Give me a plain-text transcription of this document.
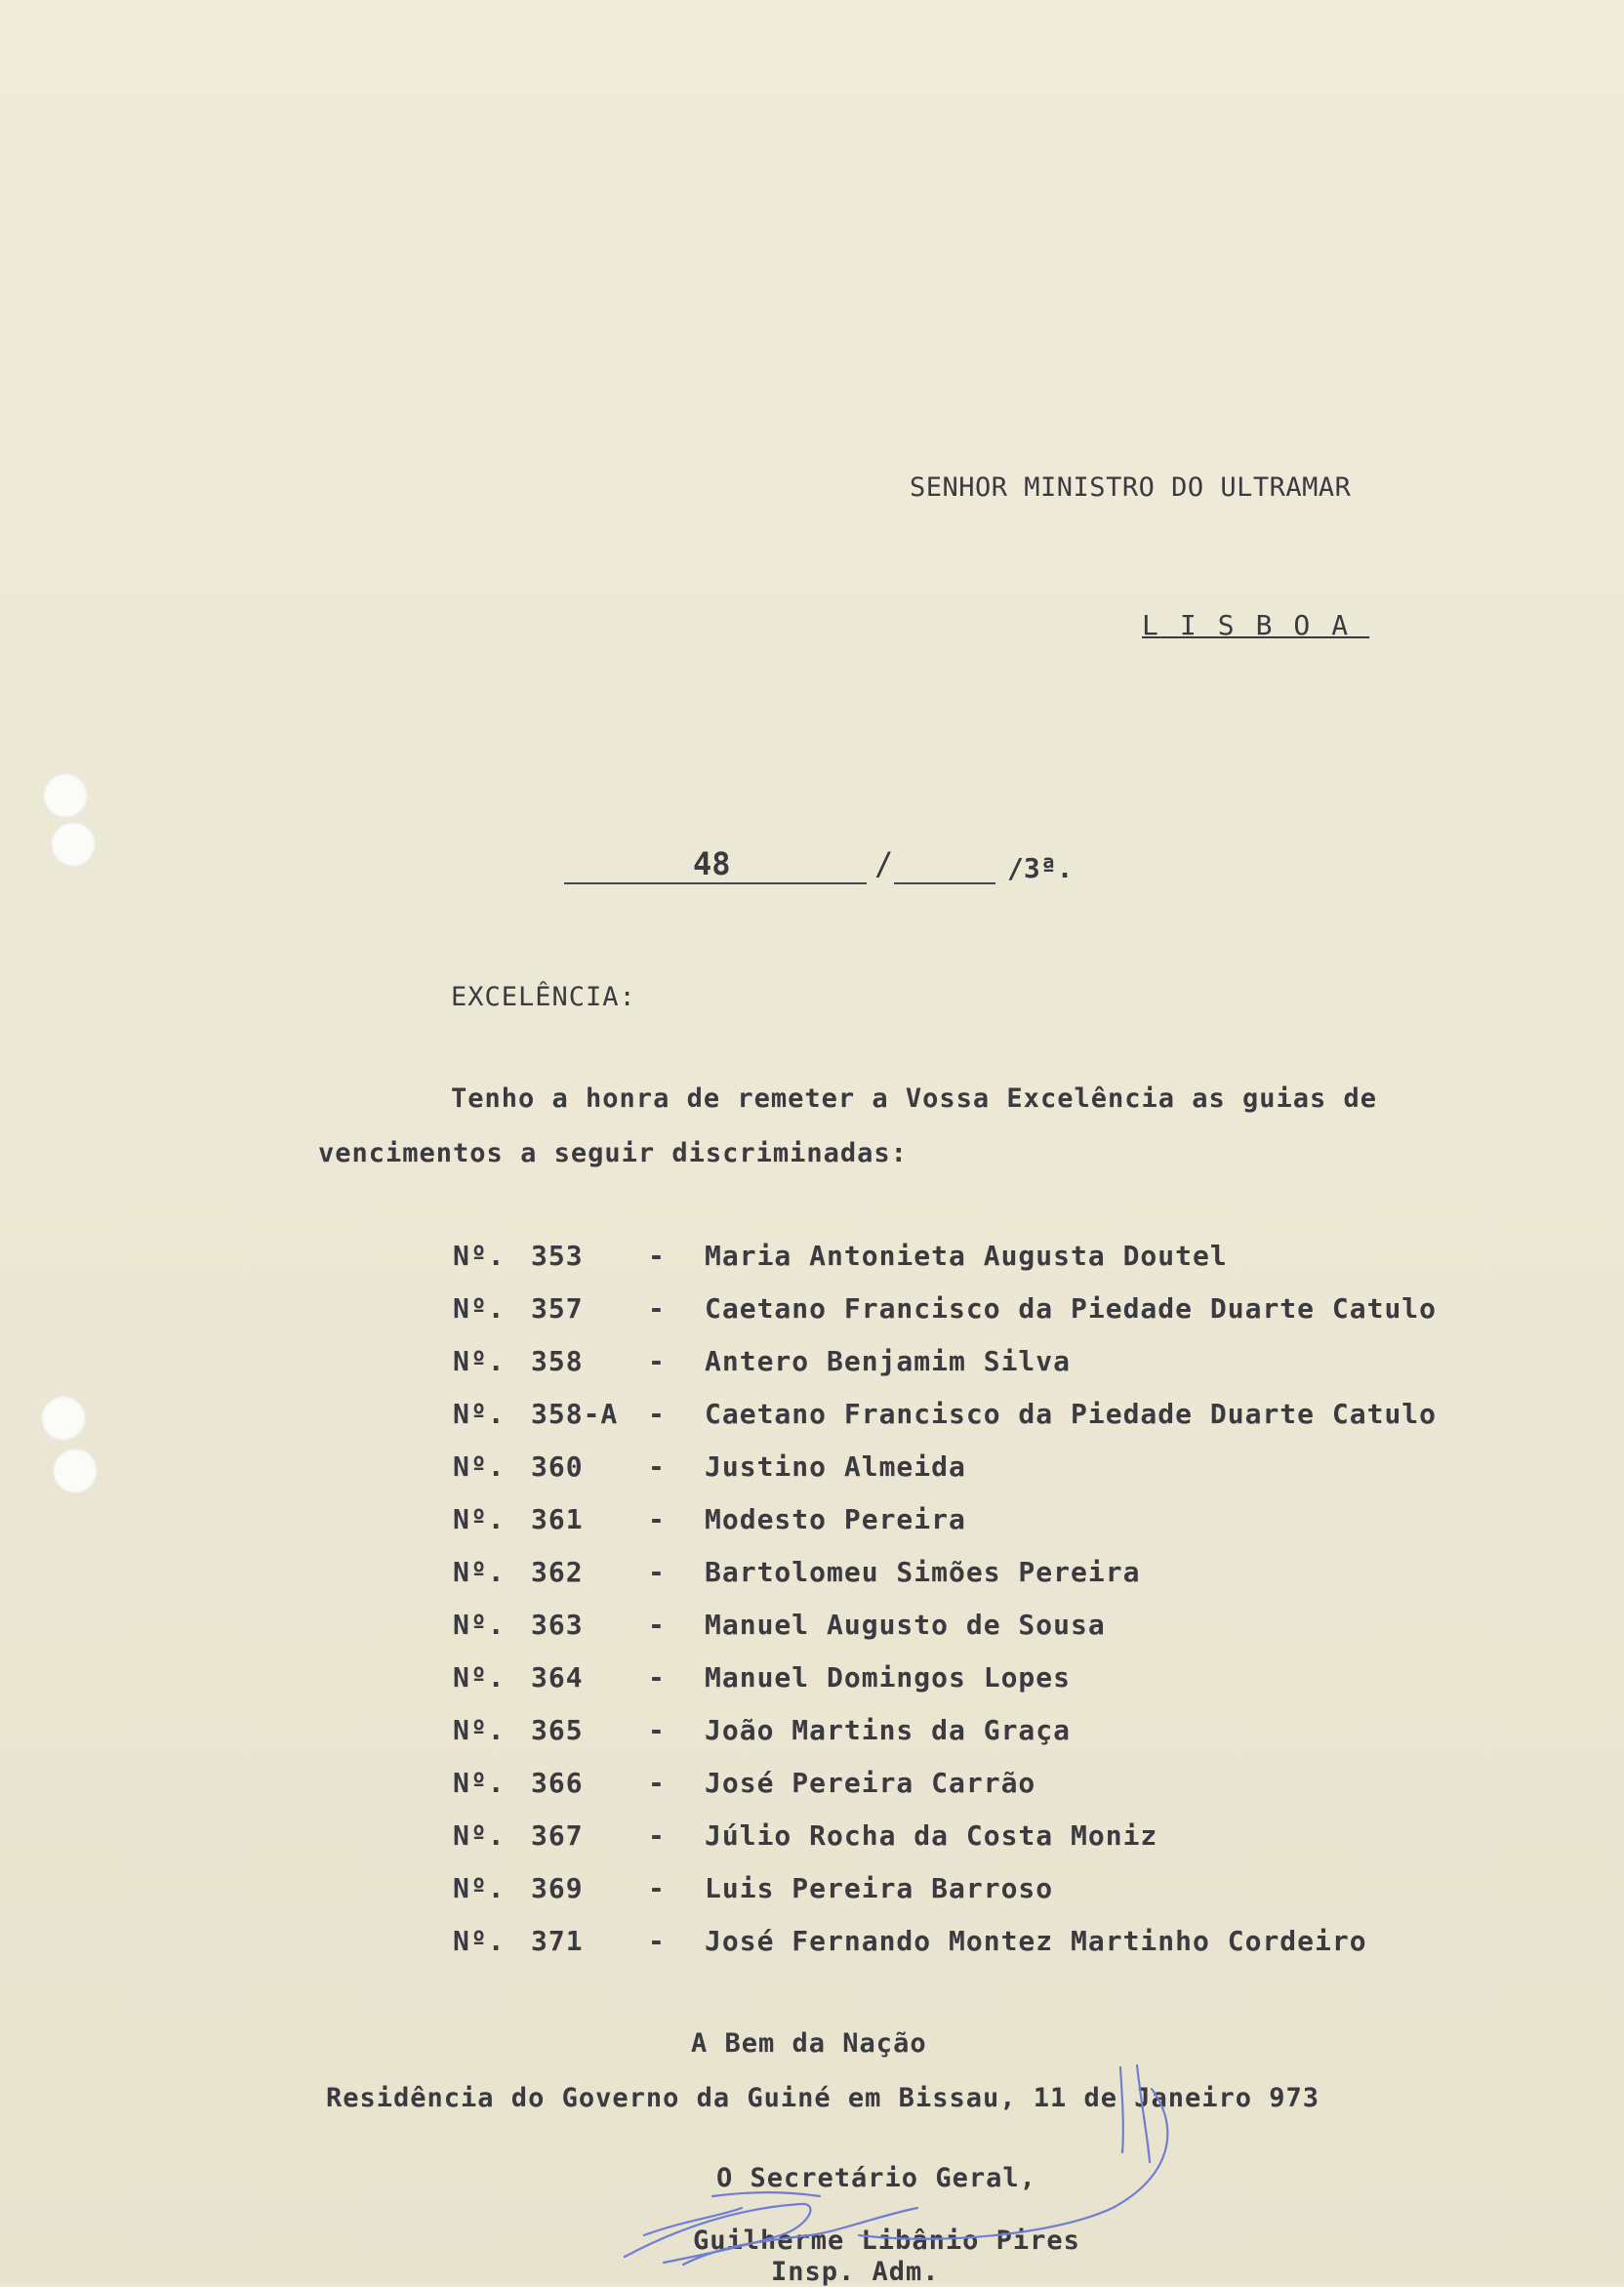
SENHOR MINISTRO DO ULTRAMAR
LISBOA
48	/	/3ª.
EXCELÊNCIA:
Tenho a honra de remeter a Vossa Excelência as guias de
vencimentos a seguir discriminadas:
Nº. 353 - Maria Antonieta Augusta Doutel
Nº. 357 - Caetano Francisco da Piedade Duarte Catulo
Nº. 358 - Antero Benjamim Silva
Nº. 358-A - Caetano Francisco da Piedade Duarte Catulo
Nº. 360 - Justino Almeida
Nº. 361 - Modesto Pereira
Nº. 362 - Bartolomeu Simões Pereira
Nº. 363 - Manuel Augusto de Sousa
Nº. 364 - Manuel Domingos Lopes
Nº. 365 - João Martins da Graça
Nº. 366 - José Pereira Carrão
Nº. 367 - Júlio Rocha da Costa Moniz
Nº. 369 - Luis Pereira Barroso
Nº. 371 - José Fernando Montez Martinho Cordeiro
A Bem da Nação
Residência do Governo da Guiné em Bissau, 11 de Janeiro 973
O Secretário Geral,
Guilherme Libânio Pires
Insp. Adm.
